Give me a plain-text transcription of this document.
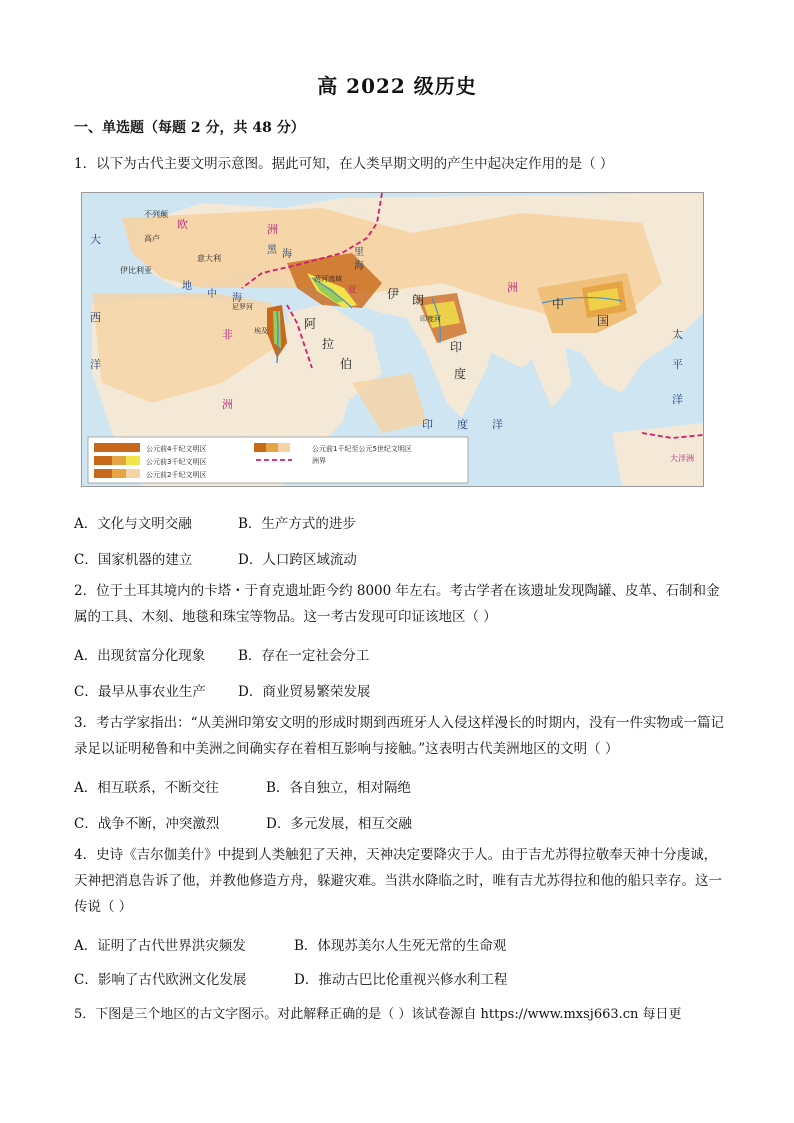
高 2022 级历史
一、单选题（每题 2 分，共 48 分）
1．以下为古代主要文明示意图。据此可知，在人类早期文明的产生中起决定作用的是（ ）
大
西
洋
欧	洲
不列颠
高卢
伊比利亚
意大利
地
中 海
黑 海	里
海
亚
两河流域
尼罗河
埃及
印度河
伊 朗
阿
拉
伯
印
度
中
国
非
洲
洲
太
平
洋
印 度 洋
大洋洲
公元前4千纪文明区
公元前3千纪文明区
公元前2千纪文明区
公元前1千纪至公元5世纪文明区
洲界
A．文化与文明交融	B．生产方式的进步
C．国家机器的建立	D．人口跨区域流动
2．位于土耳其境内的卡塔・于育克遗址距今约 8000 年左右。考古学者在该遗址发现陶罐、皮革、石制和金属的工具、木刻、地毯和珠宝等物品。这一考古发现可印证该地区（ ）
A．出现贫富分化现象 B．存在一定社会分工
C．最早从事农业生产 D．商业贸易繁荣发展
3．考古学家指出：“从美洲印第安文明的形成时期到西班牙人入侵这样漫长的时期内，没有一件实物或一篇记录足以证明秘鲁和中美洲之间确实存在着相互影响与接触。”这表明古代美洲地区的文明（ ）
A．相互联系，不断交往	B．各自独立，相对隔绝
C．战争不断，冲突激烈	D．多元发展，相互交融
4．史诗《吉尔伽美什》中提到人类触犯了天神，天神决定要降灾于人。由于吉尤苏得拉敬奉天神十分虔诚，天神把消息告诉了他，并教他修造方舟，躲避灾难。当洪水降临之时，唯有吉尤苏得拉和他的船只幸存。这一传说（ ）
A．证明了古代世界洪灾频发	B．体现苏美尔人生死无常的生命观
C．影响了古代欧洲文化发展	D．推动古巴比伦重视兴修水利工程
5．下图是三个地区的古文字图示。对此解释正确的是（ ）该试卷源自 https://www.mxsj663.cn 每日更
